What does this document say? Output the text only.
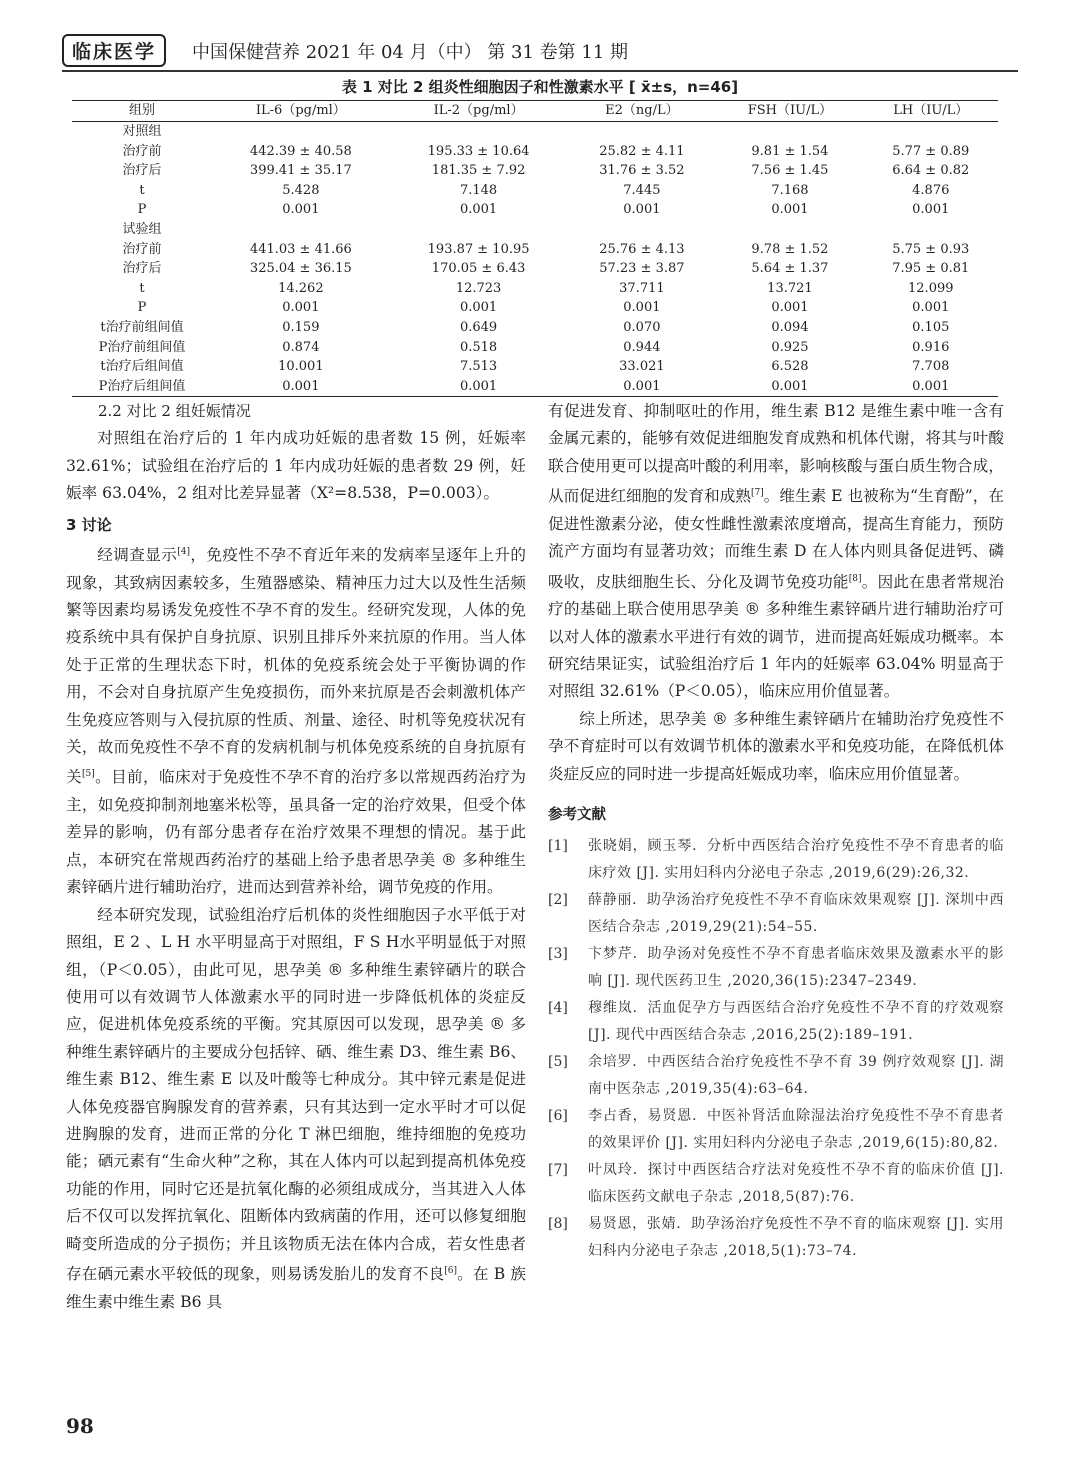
临床医学	中国保健营养 2021 年 04 月（中） 第 31 卷第 11 期
表 1 对比 2 组炎性细胞因子和性激素水平 [ x̄±s，n=46]
组别	IL-6（pg/ml）	IL-2（pg/ml）	E2（ng/L）	FSH（IU/L）	LH（IU/L）
对照组					
治疗前	442.39 ± 40.58	195.33 ± 10.64	25.82 ± 4.11	9.81 ± 1.54	5.77 ± 0.89
治疗后	399.41 ± 35.17	181.35 ± 7.92	31.76 ± 3.52	7.56 ± 1.45	6.64 ± 0.82
t	5.428	7.148	7.445	7.168	4.876
P	0.001	0.001	0.001	0.001	0.001
试验组					
治疗前	441.03 ± 41.66	193.87 ± 10.95	25.76 ± 4.13	9.78 ± 1.52	5.75 ± 0.93
治疗后	325.04 ± 36.15	170.05 ± 6.43	57.23 ± 3.87	5.64 ± 1.37	7.95 ± 0.81
t	14.262	12.723	37.711	13.721	12.099
P	0.001	0.001	0.001	0.001	0.001
t治疗前组间值	0.159	0.649	0.070	0.094	0.105
P治疗前组间值	0.874	0.518	0.944	0.925	0.916
t治疗后组间值	10.001	7.513	33.021	6.528	7.708
P治疗后组间值	0.001	0.001	0.001	0.001	0.001
2.2 对比 2 组妊娠情况

对照组在治疗后的 1 年内成功妊娠的患者数 15 例，妊娠率 32.61%；试验组在治疗后的 1 年内成功妊娠的患者数 29 例，妊娠率 63.04%，2 组对比差异显著（X²=8.538，P=0.003）。

3 讨论

经调查显示[4]，免疫性不孕不育近年来的发病率呈逐年上升的现象，其致病因素较多，生殖器感染、精神压力过大以及性生活频繁等因素均易诱发免疫性不孕不育的发生。经研究发现，人体的免疫系统中具有保护自身抗原、识别且排斥外来抗原的作用。当人体处于正常的生理状态下时，机体的免疫系统会处于平衡协调的作用，不会对自身抗原产生免疫损伤，而外来抗原是否会刺激机体产生免疫应答则与入侵抗原的性质、剂量、途径、时机等免疫状况有关，故而免疫性不孕不育的发病机制与机体免疫系统的自身抗原有关[5]。目前，临床对于免疫性不孕不育的治疗多以常规西药治疗为主，如免疫抑制剂地塞米松等，虽具备一定的治疗效果，但受个体差异的影响，仍有部分患者存在治疗效果不理想的情况。基于此点，本研究在常规西药治疗的基础上给予患者思孕美 ® 多种维生素锌硒片进行辅助治疗，进而达到营养补给，调节免疫的作用。

经本研究发现，试验组治疗后机体的炎性细胞因子水平低于对照组，E 2 、L H 水平明显高于对照组，F S H水平明显低于对照组，（P＜0.05），由此可见，思孕美 ® 多种维生素锌硒片的联合使用可以有效调节人体激素水平的同时进一步降低机体的炎症反应，促进机体免疫系统的平衡。究其原因可以发现，思孕美 ® 多种维生素锌硒片的主要成分包括锌、硒、维生素 D3、维生素 B6、维生素 B12、维生素 E 以及叶酸等七种成分。其中锌元素是促进人体免疫器官胸腺发育的营养素，只有其达到一定水平时才可以促进胸腺的发育，进而正常的分化 T 淋巴细胞，维持细胞的免疫功能；硒元素有“生命火种”之称，其在人体内可以起到提高机体免疫功能的作用，同时它还是抗氧化酶的必须组成成分，当其进入人体后不仅可以发挥抗氧化、阻断体内致病菌的作用，还可以修复细胞畸变所造成的分子损伤；并且该物质无法在体内合成，若女性患者存在硒元素水平较低的现象，则易诱发胎儿的发育不良[6]。在 B 族维生素中维生素 B6 具

有促进发育、抑制呕吐的作用，维生素 B12 是维生素中唯一含有金属元素的，能够有效促进细胞发育成熟和机体代谢，将其与叶酸联合使用更可以提高叶酸的利用率，影响核酸与蛋白质生物合成，从而促进红细胞的发育和成熟[7]。维生素 E 也被称为“生育酚”，在促进性激素分泌，使女性雌性激素浓度增高，提高生育能力，预防流产方面均有显著功效；而维生素 D 在人体内则具备促进钙、磷吸收，皮肤细胞生长、分化及调节免疫功能[8]。因此在患者常规治疗的基础上联合使用思孕美 ® 多种维生素锌硒片进行辅助治疗可以对人体的激素水平进行有效的调节，进而提高妊娠成功概率。本研究结果证实，试验组治疗后 1 年内的妊娠率 63.04% 明显高于对照组 32.61%（P＜0.05），临床应用价值显著。

综上所述，思孕美 ® 多种维生素锌硒片在辅助治疗免疫性不孕不育症时可以有效调节机体的激素水平和免疫功能，在降低机体炎症反应的同时进一步提高妊娠成功率，临床应用价值显著。

参考文献
[1]	张晓娟，顾玉琴．分析中西医结合治疗免疫性不孕不育患者的临床疗效 [J]. 实用妇科内分泌电子杂志 ,2019,6(29):26,32.
[2]	薛静丽．助孕汤治疗免疫性不孕不育临床效果观察 [J]. 深圳中西医结合杂志 ,2019,29(21):54–55.
[3]	卞梦芹．助孕汤对免疫性不孕不育患者临床效果及激素水平的影响 [J]. 现代医药卫生 ,2020,36(15):2347–2349.
[4]	穆维岚．活血促孕方与西医结合治疗免疫性不孕不育的疗效观察 [J]. 现代中西医结合杂志 ,2016,25(2):189–191.
[5]	余培罗．中西医结合治疗免疫性不孕不育 39 例疗效观察 [J]. 湖南中医杂志 ,2019,35(4):63–64.
[6]	李占香，易贤恩．中医补肾活血除湿法治疗免疫性不孕不育患者的效果评价 [J]. 实用妇科内分泌电子杂志 ,2019,6(15):80,82.
[7]	叶凤玲．探讨中西医结合疗法对免疫性不孕不育的临床价值 [J]. 临床医药文献电子杂志 ,2018,5(87):76.
[8]	易贤恩，张婧．助孕汤治疗免疫性不孕不育的临床观察 [J]. 实用妇科内分泌电子杂志 ,2018,5(1):73–74.
98
